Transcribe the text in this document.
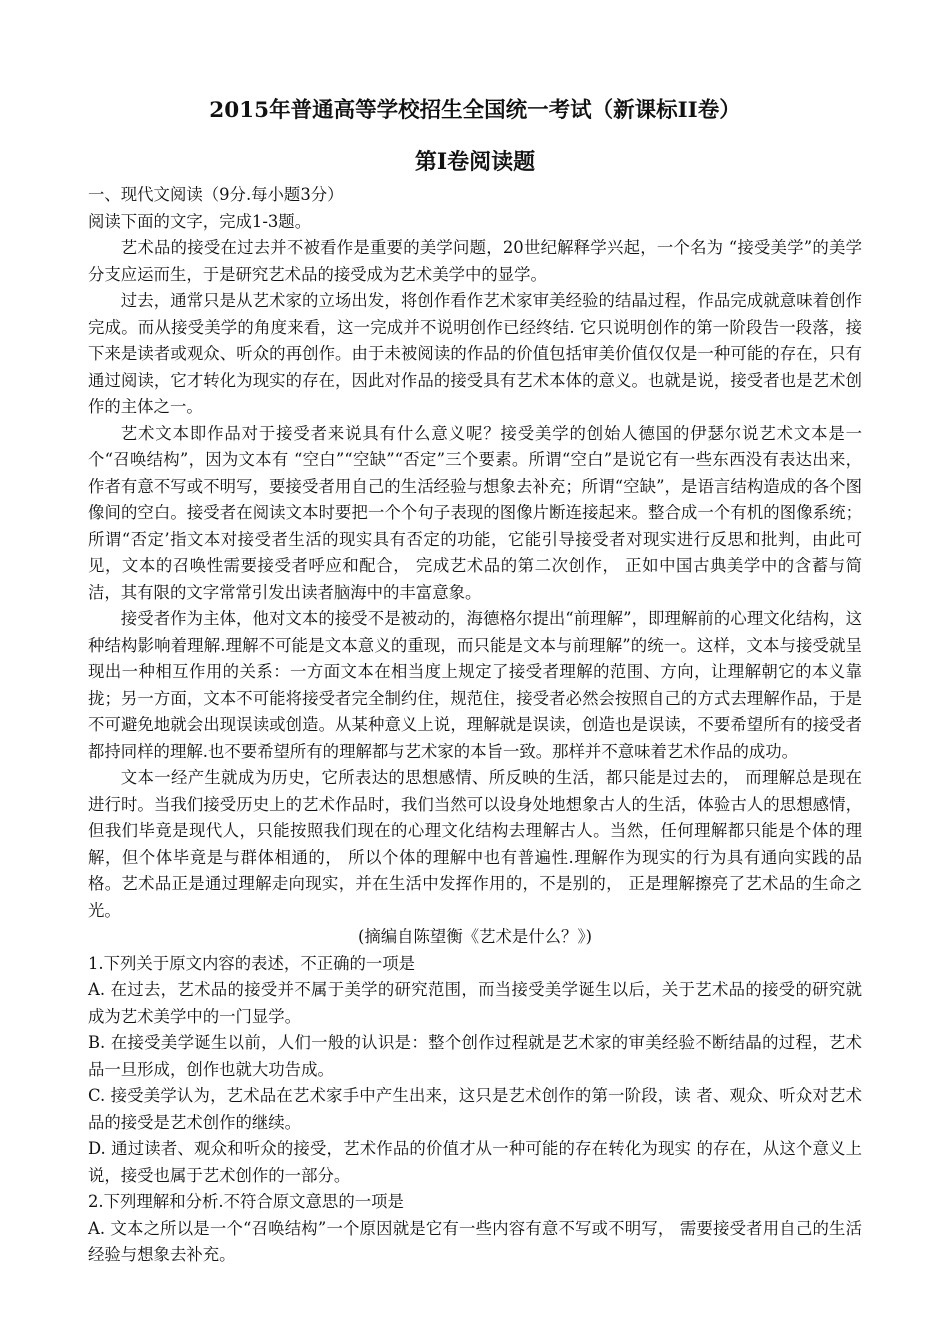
2015年普通高等学校招生全国统一考试（新课标II卷）
第I卷阅读题

一、现代文阅读（9分.每小题3分）

阅读下面的文字，完成1-3题。

艺术品的接受在过去并不被看作是重要的美学问题，20世纪解释学兴起，一个名为 “接受美学”的美学分支应运而生，于是研究艺术品的接受成为艺术美学中的显学。

过去，通常只是从艺术家的立场出发，将创作看作艺术家审美经验的结晶过程，作品完成就意味着创作完成。而从接受美学的角度来看，这一完成并不说明创作已经终结. 它只说明创作的第一阶段告一段落，接下来是读者或观众、听众的再创作。由于未被阅读的作品的价值包括审美价值仅仅是一种可能的存在，只有通过阅读，它才转化为现实的存在，因此对作品的接受具有艺术本体的意义。也就是说，接受者也是艺术创作的主体之一。

艺术文本即作品对于接受者来说具有什么意义呢？接受美学的创始人德国的伊瑟尔说艺术文本是一个“召唤结构”，因为文本有 “空白”“空缺”“否定”三个要素。所谓“空白”是说它有一些东西没有表达出来，作者有意不写或不明写，要接受者用自己的生活经验与想象去补充；所谓“空缺”，是语言结构造成的各个图像间的空白。接受者在阅读文本时要把一个个句子表现的图像片断连接起来。整合成一个有机的图像系统；所谓“否定’指文本对接受者生活的现实具有否定的功能，它能引导接受者对现实进行反思和批判，由此可见，文本的召唤性需要接受者呼应和配合， 完成艺术品的第二次创作， 正如中国古典美学中的含蓄与简洁，其有限的文字常常引发出读者脑海中的丰富意象。

接受者作为主体，他对文本的接受不是被动的，海德格尔提出“前理解”，即理解前的心理文化结构，这种结构影响着理解.理解不可能是文本意义的重现，而只能是文本与前理解”的统一。这样，文本与接受就呈现出一种相互作用的关系：一方面文本在相当度上规定了接受者理解的范围、方向，让理解朝它的本义靠拢；另一方面，文本不可能将接受者完全制约住，规范住，接受者必然会按照自己的方式去理解作品，于是不可避免地就会出现误读或创造。从某种意义上说，理解就是误读，创造也是误读，不要希望所有的接受者都持同样的理解.也不要希望所有的理解都与艺术家的本旨一致。那样并不意味着艺术作品的成功。

文本一经产生就成为历史，它所表达的思想感情、所反映的生活，都只能是过去的， 而理解总是现在进行时。当我们接受历史上的艺术作品时，我们当然可以设身处地想象古人的生活，体验古人的思想感情，但我们毕竟是现代人，只能按照我们现在的心理文化结构去理解古人。当然，任何理解都只能是个体的理解，但个体毕竟是与群体相通的， 所以个体的理解中也有普遍性.理解作为现实的行为具有通向实践的品格。艺术品正是通过理解走向现实，并在生活中发挥作用的，不是别的， 正是理解擦亮了艺术品的生命之光。

(摘编自陈望衡《艺术是什么？》)

1.下列关于原文内容的表述，不正确的一项是

A. 在过去，艺术品的接受并不属于美学的研究范围，而当接受美学诞生以后，关于艺术品的接受的研究就成为艺术美学中的一门显学。

B. 在接受美学诞生以前，人们一般的认识是：整个创作过程就是艺术家的审美经验不断结晶的过程，艺术品一旦形成，创作也就大功告成。

C. 接受美学认为，艺术品在艺术家手中产生出来，这只是艺术创作的第一阶段，读 者、观众、听众对艺术品的接受是艺术创作的继续。

D. 通过读者、观众和听众的接受，艺术作品的价值才从一种可能的存在转化为现实 的存在，从这个意义上说，接受也属于艺术创作的一部分。

2.下列理解和分析.不符合原文意思的一项是

A. 文本之所以是一个“召唤结构”一个原因就是它有一些内容有意不写或不明写， 需要接受者用自己的生活经验与想象去补充。
